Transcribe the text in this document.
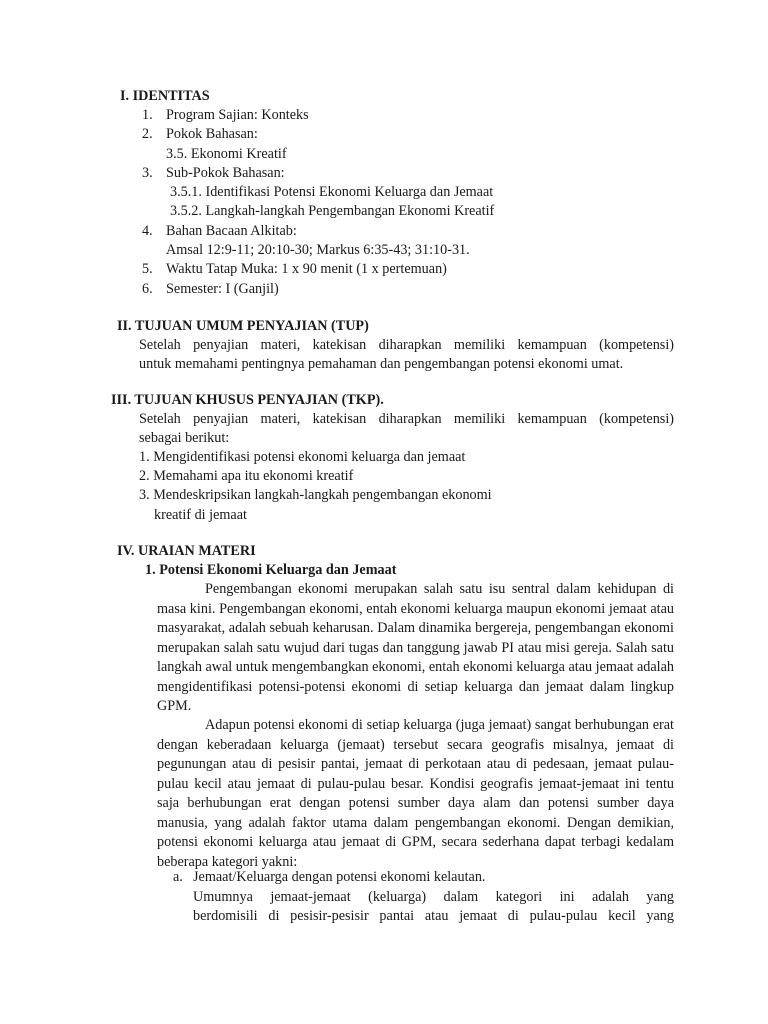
I. IDENTITAS
1. Program Sajian: Konteks
2. Pokok Bahasan:
3.5. Ekonomi Kreatif
3. Sub-Pokok Bahasan:
3.5.1. Identifikasi Potensi Ekonomi Keluarga dan Jemaat
3.5.2. Langkah-langkah Pengembangan Ekonomi Kreatif
4. Bahan Bacaan Alkitab:
Amsal 12:9-11; 20:10-30; Markus 6:35-43; 31:10-31.
5. Waktu Tatap Muka: 1 x 90 menit (1 x pertemuan)
6. Semester: I (Ganjil)
II. TUJUAN UMUM PENYAJIAN (TUP)
Setelah penyajian materi, katekisan diharapkan memiliki kemampuan (kompetensi)
untuk memahami pentingnya pemahaman dan pengembangan potensi ekonomi umat.
III. TUJUAN KHUSUS PENYAJIAN (TKP).
Setelah penyajian materi, katekisan diharapkan memiliki kemampuan (kompetensi)
sebagai berikut:
1. Mengidentifikasi potensi ekonomi keluarga dan jemaat
2. Memahami apa itu ekonomi kreatif
3. Mendeskripsikan langkah-langkah pengembangan ekonomi
kreatif di jemaat
IV. URAIAN MATERI
1. Potensi Ekonomi Keluarga dan Jemaat
Pengembangan ekonomi merupakan salah satu isu sentral dalam kehidupan di masa kini. Pengembangan ekonomi, entah ekonomi keluarga maupun ekonomi jemaat atau masyarakat, adalah sebuah keharusan. Dalam dinamika bergereja, pengembangan ekonomi merupakan salah satu wujud dari tugas dan tanggung jawab PI atau misi gereja. Salah satu langkah awal untuk mengembangkan ekonomi, entah ekonomi keluarga atau jemaat adalah mengidentifikasi potensi-potensi ekonomi di setiap keluarga dan jemaat dalam lingkup GPM.
Adapun potensi ekonomi di setiap keluarga (juga jemaat) sangat berhubungan erat dengan keberadaan keluarga (jemaat) tersebut secara geografis misalnya, jemaat di pegunungan atau di pesisir pantai, jemaat di perkotaan atau di pedesaan, jemaat pulau-pulau kecil atau jemaat di pulau-pulau besar. Kondisi geografis jemaat-jemaat ini tentu saja berhubungan erat dengan potensi sumber daya alam dan potensi sumber daya manusia, yang adalah faktor utama dalam pengembangan ekonomi. Dengan demikian, potensi ekonomi keluarga atau jemaat di GPM, secara sederhana dapat terbagi kedalam beberapa kategori yakni:
a. Jemaat/Keluarga dengan potensi ekonomi kelautan.
Umumnya jemaat-jemaat (keluarga) dalam kategori ini adalah yang
berdomisili di pesisir-pesisir pantai atau jemaat di pulau-pulau kecil yang
